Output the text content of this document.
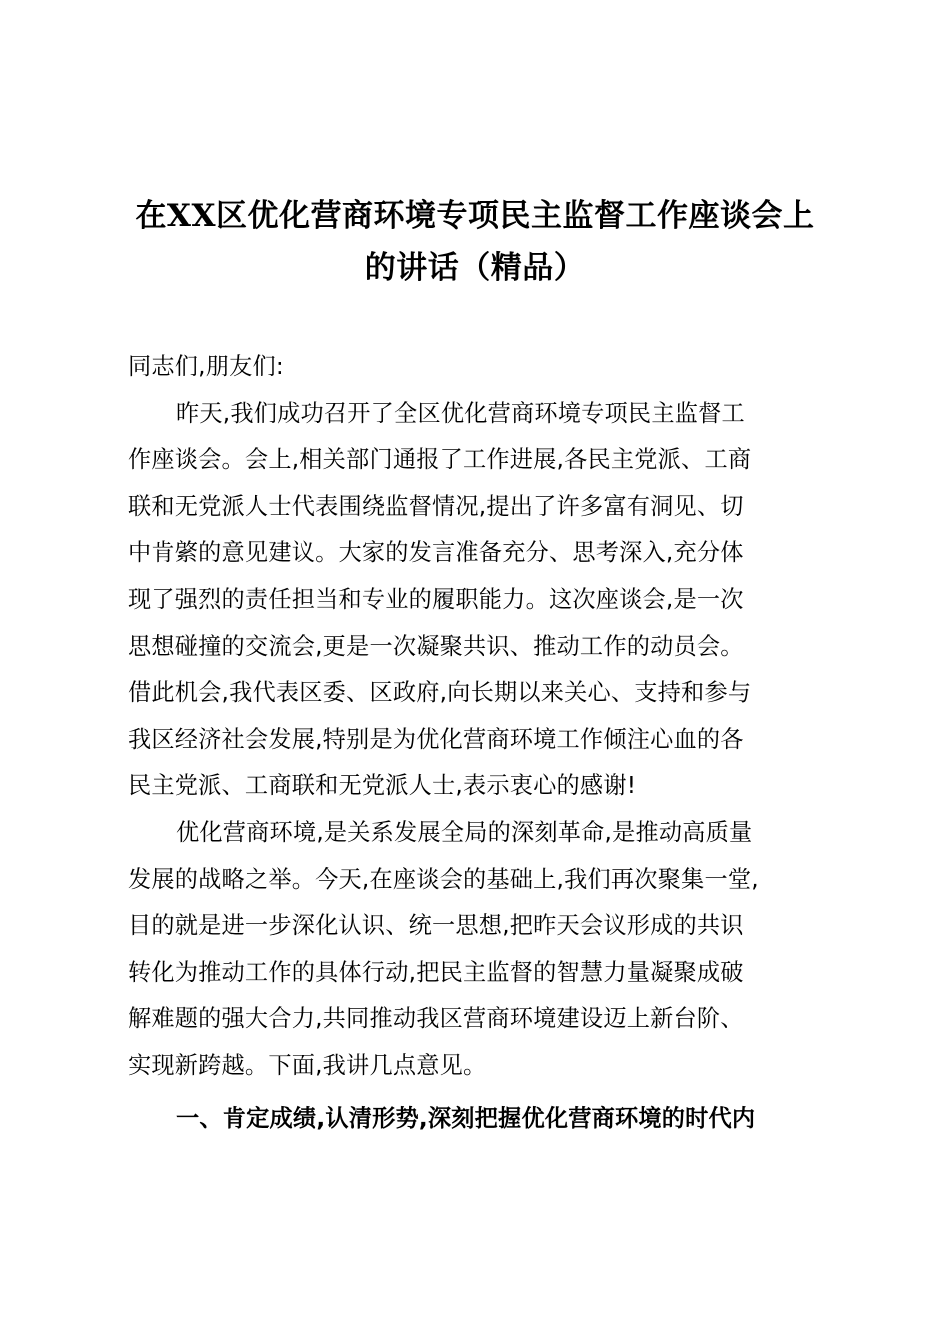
在XX区优化营商环境专项民主监督工作座谈会上
的讲话（精品）
同志们,朋友们:
昨天,我们成功召开了全区优化营商环境专项民主监督工
作座谈会。会上,相关部门通报了工作进展,各民主党派、工商
联和无党派人士代表围绕监督情况,提出了许多富有洞见、切
中肯綮的意见建议。大家的发言准备充分、思考深入,充分体
现了强烈的责任担当和专业的履职能力。这次座谈会,是一次
思想碰撞的交流会,更是一次凝聚共识、推动工作的动员会。
借此机会,我代表区委、区政府,向长期以来关心、支持和参与
我区经济社会发展,特别是为优化营商环境工作倾注心血的各
民主党派、工商联和无党派人士,表示衷心的感谢!
优化营商环境,是关系发展全局的深刻革命,是推动高质量
发展的战略之举。今天,在座谈会的基础上,我们再次聚集一堂,
目的就是进一步深化认识、统一思想,把昨天会议形成的共识
转化为推动工作的具体行动,把民主监督的智慧力量凝聚成破
解难题的强大合力,共同推动我区营商环境建设迈上新台阶、
实现新跨越。下面,我讲几点意见。
一、肯定成绩,认清形势,深刻把握优化营商环境的时代内
